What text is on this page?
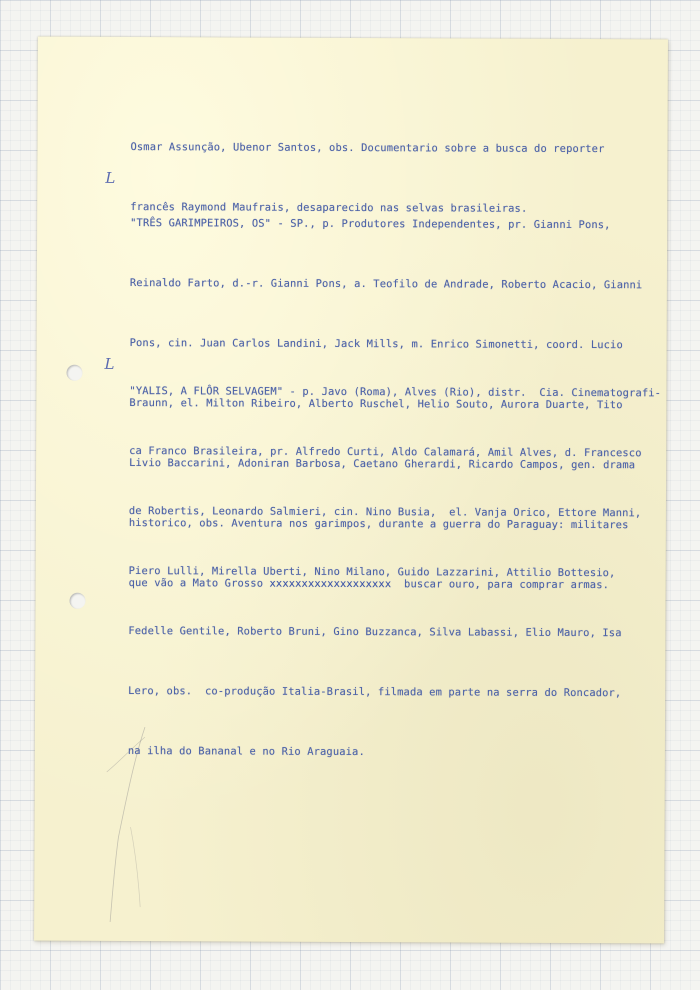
L
L

Osmar Assunção, Ubenor Santos, obs. Documentario sobre a busca do reporter

francês Raymond Maufrais, desaparecido nas selvas brasileiras.

"TRÊS GARIMPEIROS, OS" - SP., p. Produtores Independentes, pr. Gianni Pons,

Reinaldo Farto, d.-r. Gianni Pons, a. Teofilo de Andrade, Roberto Acacio, Gianni

Pons, cin. Juan Carlos Landini, Jack Mills, m. Enrico Simonetti, coord. Lucio

Braunn, el. Milton Ribeiro, Alberto Ruschel, Helio Souto, Aurora Duarte, Tito

Livio Baccarini, Adoniran Barbosa, Caetano Gherardi, Ricardo Campos, gen. drama

historico, obs. Aventura nos garimpos, durante a guerra do Paraguay: militares

que vão a Mato Grosso xxxxxxxxxxxxxxxxxxx  buscar ouro, para comprar armas.

"YALIS, A FLÔR SELVAGEM" - p. Javo (Roma), Alves (Rio), distr.  Cia. Cinematografi-

ca Franco Brasileira, pr. Alfredo Curti, Aldo Calamará, Amil Alves, d. Francesco

de Robertis, Leonardo Salmieri, cin. Nino Busia,  el. Vanja Orico, Ettore Manni,

Piero Lulli, Mirella Uberti, Nino Milano, Guido Lazzarini, Attilio Bottesio,

Fedelle Gentile, Roberto Bruni, Gino Buzzanca, Silva Labassi, Elio Mauro, Isa

Lero, obs.  co-produção Italia-Brasil, filmada em parte na serra do Roncador,

na ilha do Bananal e no Rio Araguaia.
